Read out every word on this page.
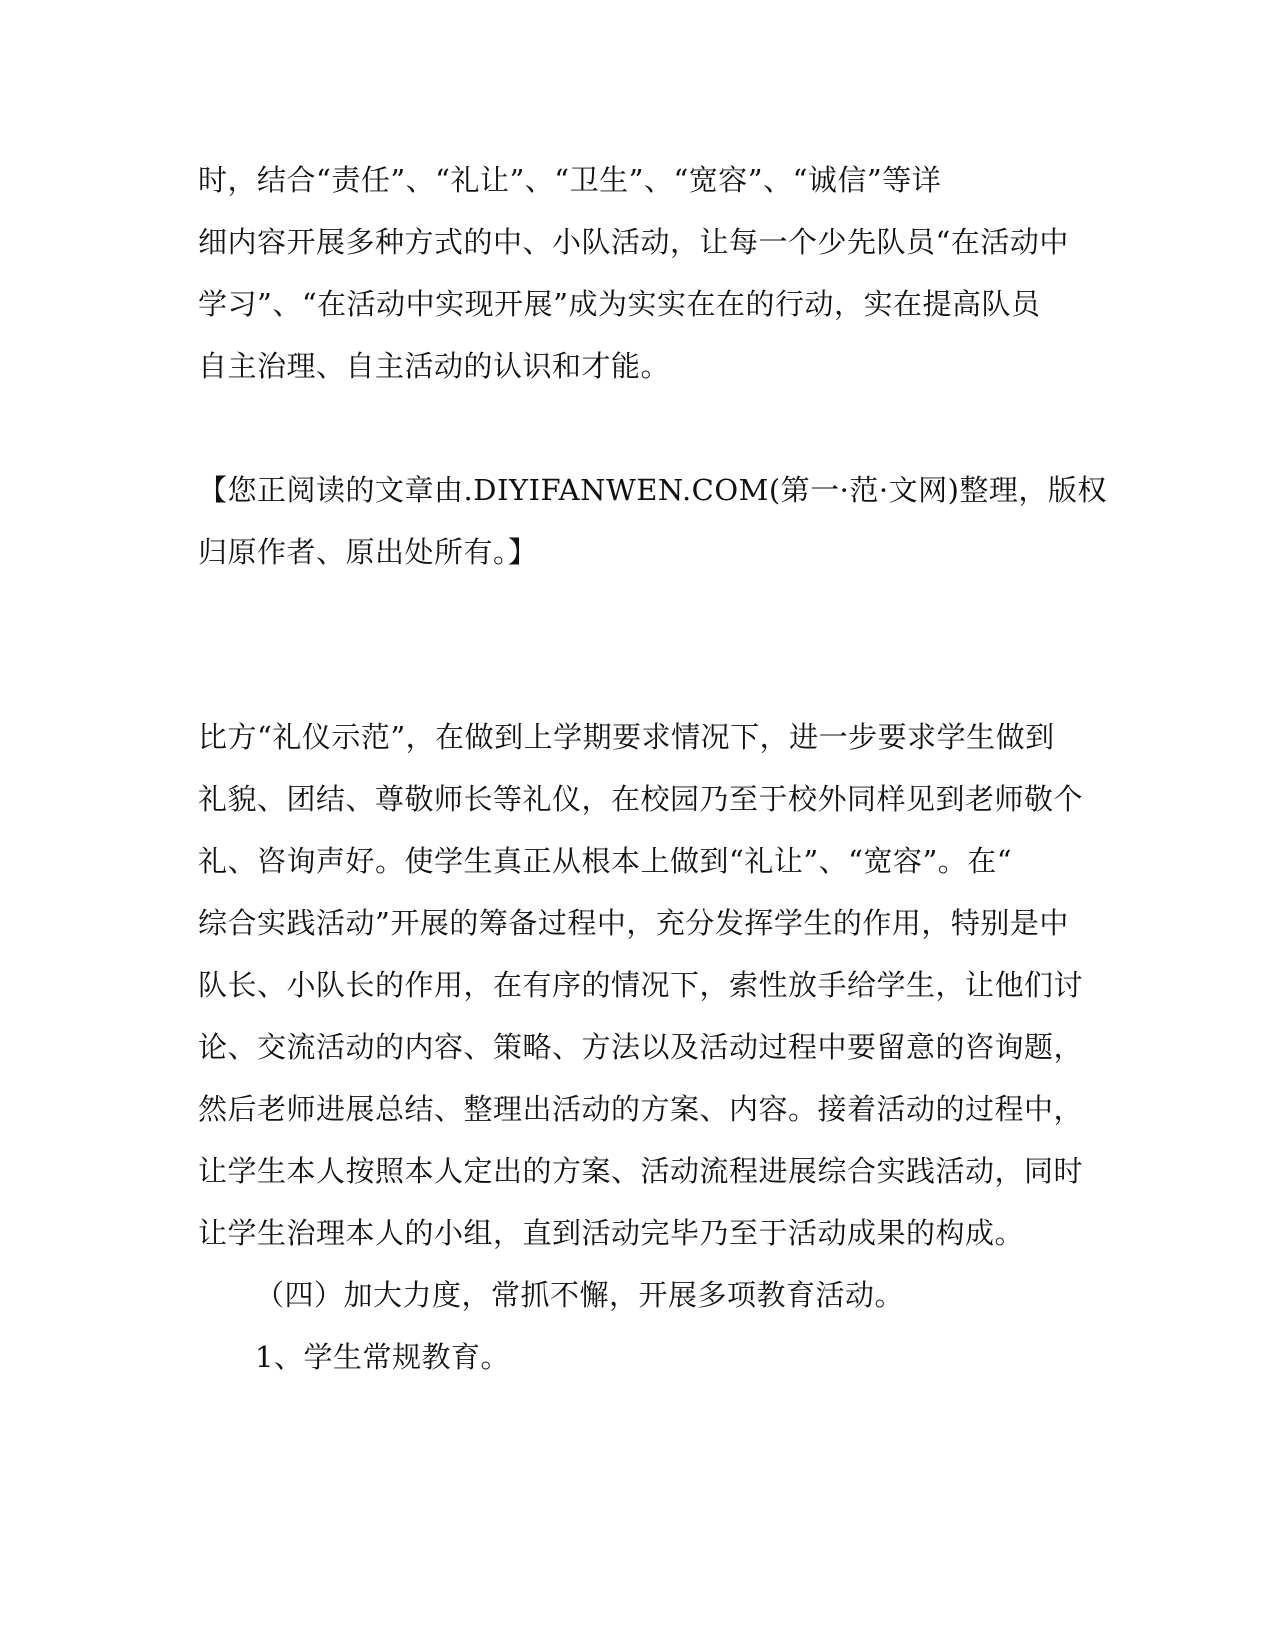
时，结合“责任”、“礼让”、“卫生”、“宽容”、“诚信”等详
细内容开展多种方式的中、小队活动，让每一个少先队员“在活动中
学习”、“在活动中实现开展”成为实实在在的行动，实在提高队员
自主治理、自主活动的认识和才能。
【您正阅读的文章由.DIYIFANWEN.COM(第一·范·文网)整理，版权
归原作者、原出处所有。】
比方“礼仪示范”，在做到上学期要求情况下，进一步要求学生做到
礼貌、团结、尊敬师长等礼仪，在校园乃至于校外同样见到老师敬个
礼、咨询声好。使学生真正从根本上做到“礼让”、“宽容”。在“
综合实践活动”开展的筹备过程中，充分发挥学生的作用，特别是中
队长、小队长的作用，在有序的情况下，索性放手给学生，让他们讨
论、交流活动的内容、策略、方法以及活动过程中要留意的咨询题，
然后老师进展总结、整理出活动的方案、内容。接着活动的过程中，
让学生本人按照本人定出的方案、活动流程进展综合实践活动，同时
让学生治理本人的小组，直到活动完毕乃至于活动成果的构成。
（四）加大力度，常抓不懈，开展多项教育活动。
1、学生常规教育。
